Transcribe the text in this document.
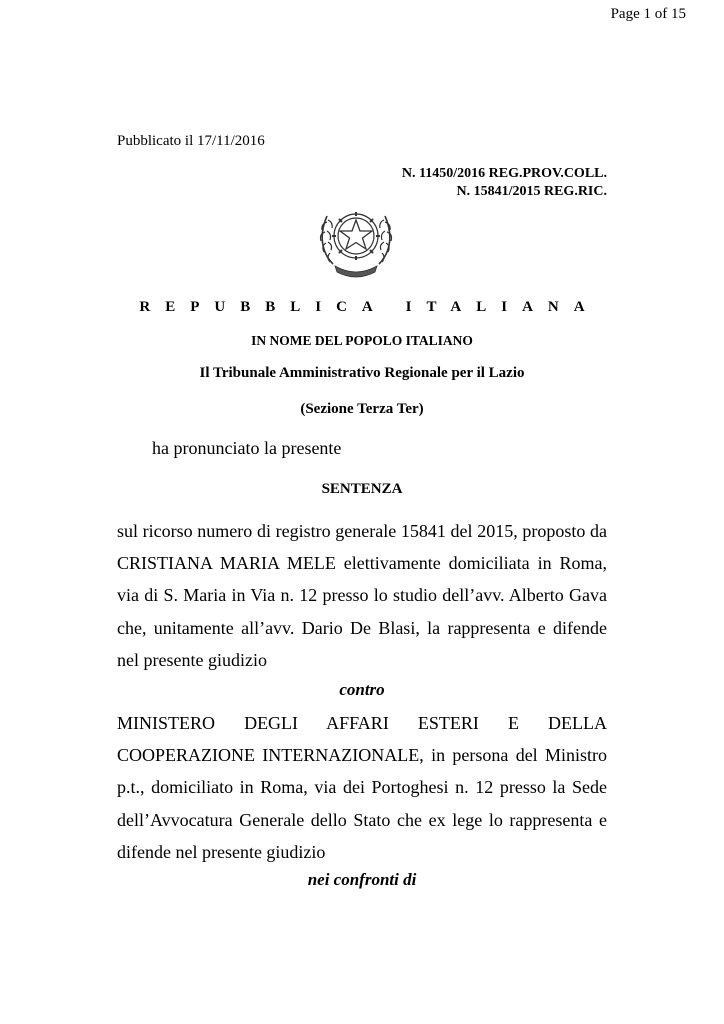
Page 1 of 15
Pubblicato il 17/11/2016
N. 11450/2016 REG.PROV.COLL.
N. 15841/2015 REG.RIC.
REPUBBLICA ITALIANA
IN NOME DEL POPOLO ITALIANO
Il Tribunale Amministrativo Regionale per il Lazio
(Sezione Terza Ter)
ha pronunciato la presente
SENTENZA
sul ricorso numero di registro generale 15841 del 2015, proposto da CRISTIANA MARIA MELE elettivamente domiciliata in Roma, via di S. Maria in Via n. 12 presso lo studio dell’avv. Alberto Gava che, unitamente all’avv. Dario De Blasi, la rappresenta e difende nel presente giudizio
contro
MINISTERO DEGLI AFFARI ESTERI E DELLA COOPERAZIONE INTERNAZIONALE, in persona del Ministro p.t., domiciliato in Roma, via dei Portoghesi n. 12 presso la Sede dell’Avvocatura Generale dello Stato che ex lege lo rappresenta e difende nel presente giudizio
nei confronti di
